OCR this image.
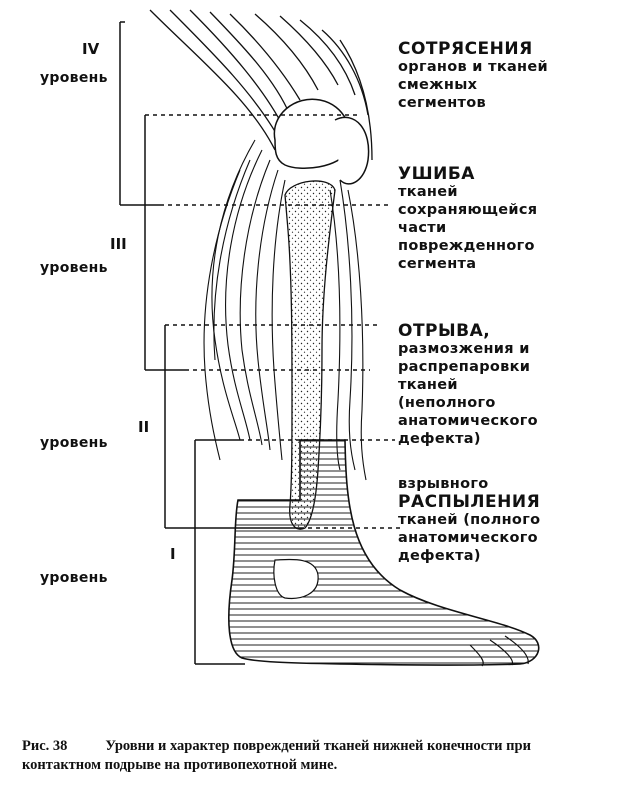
IV
уровень
III
уровень
II
уровень
I
уровень
СОТРЯСЕНИЯ
органов и тканей
смежных
сегментов
УШИБА
тканей
сохраняющейся
части
поврежденного
сегмента
ОТРЫВА,
размозжения и
распрепаровки
тканей
(неполного
анатомического
дефекта)
взрывного
РАСПЫЛЕНИЯ
тканей (полного
анатомического
дефекта)
Рис. 38	Уровни и характер повреждений тканей нижней конечности при контактном подрыве на противопехотной мине.
